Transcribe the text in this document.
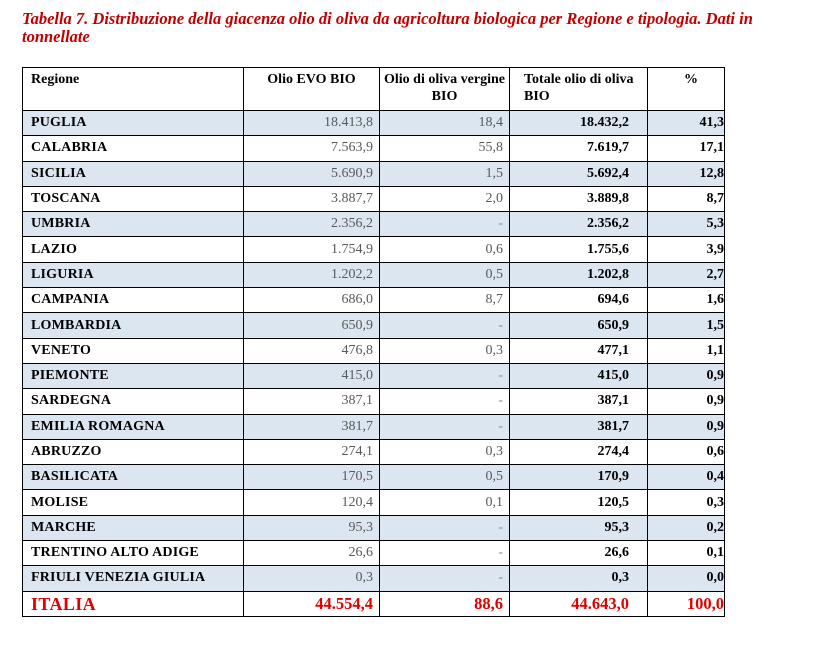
Tabella 7. Distribuzione della giacenza olio di oliva da agricoltura biologica per Regione e tipologia. Dati in tonnellate

Regione	Olio EVO BIO	Olio di oliva vergine BIO	Totale olio di oliva BIO	%
PUGLIA	18.413,8	18,4	18.432,2	41,3
CALABRIA	7.563,9	55,8	7.619,7	17,1
SICILIA	5.690,9	1,5	5.692,4	12,8
TOSCANA	3.887,7	2,0	3.889,8	8,7
UMBRIA	2.356,2	-	2.356,2	5,3
LAZIO	1.754,9	0,6	1.755,6	3,9
LIGURIA	1.202,2	0,5	1.202,8	2,7
CAMPANIA	686,0	8,7	694,6	1,6
LOMBARDIA	650,9	-	650,9	1,5
VENETO	476,8	0,3	477,1	1,1
PIEMONTE	415,0	-	415,0	0,9
SARDEGNA	387,1	-	387,1	0,9
EMILIA ROMAGNA	381,7	-	381,7	0,9
ABRUZZO	274,1	0,3	274,4	0,6
BASILICATA	170,5	0,5	170,9	0,4
MOLISE	120,4	0,1	120,5	0,3
MARCHE	95,3	-	95,3	0,2
TRENTINO ALTO ADIGE	26,6	-	26,6	0,1
FRIULI VENEZIA GIULIA	0,3	-	0,3	0,0
ITALIA	44.554,4	88,6	44.643,0	100,0
